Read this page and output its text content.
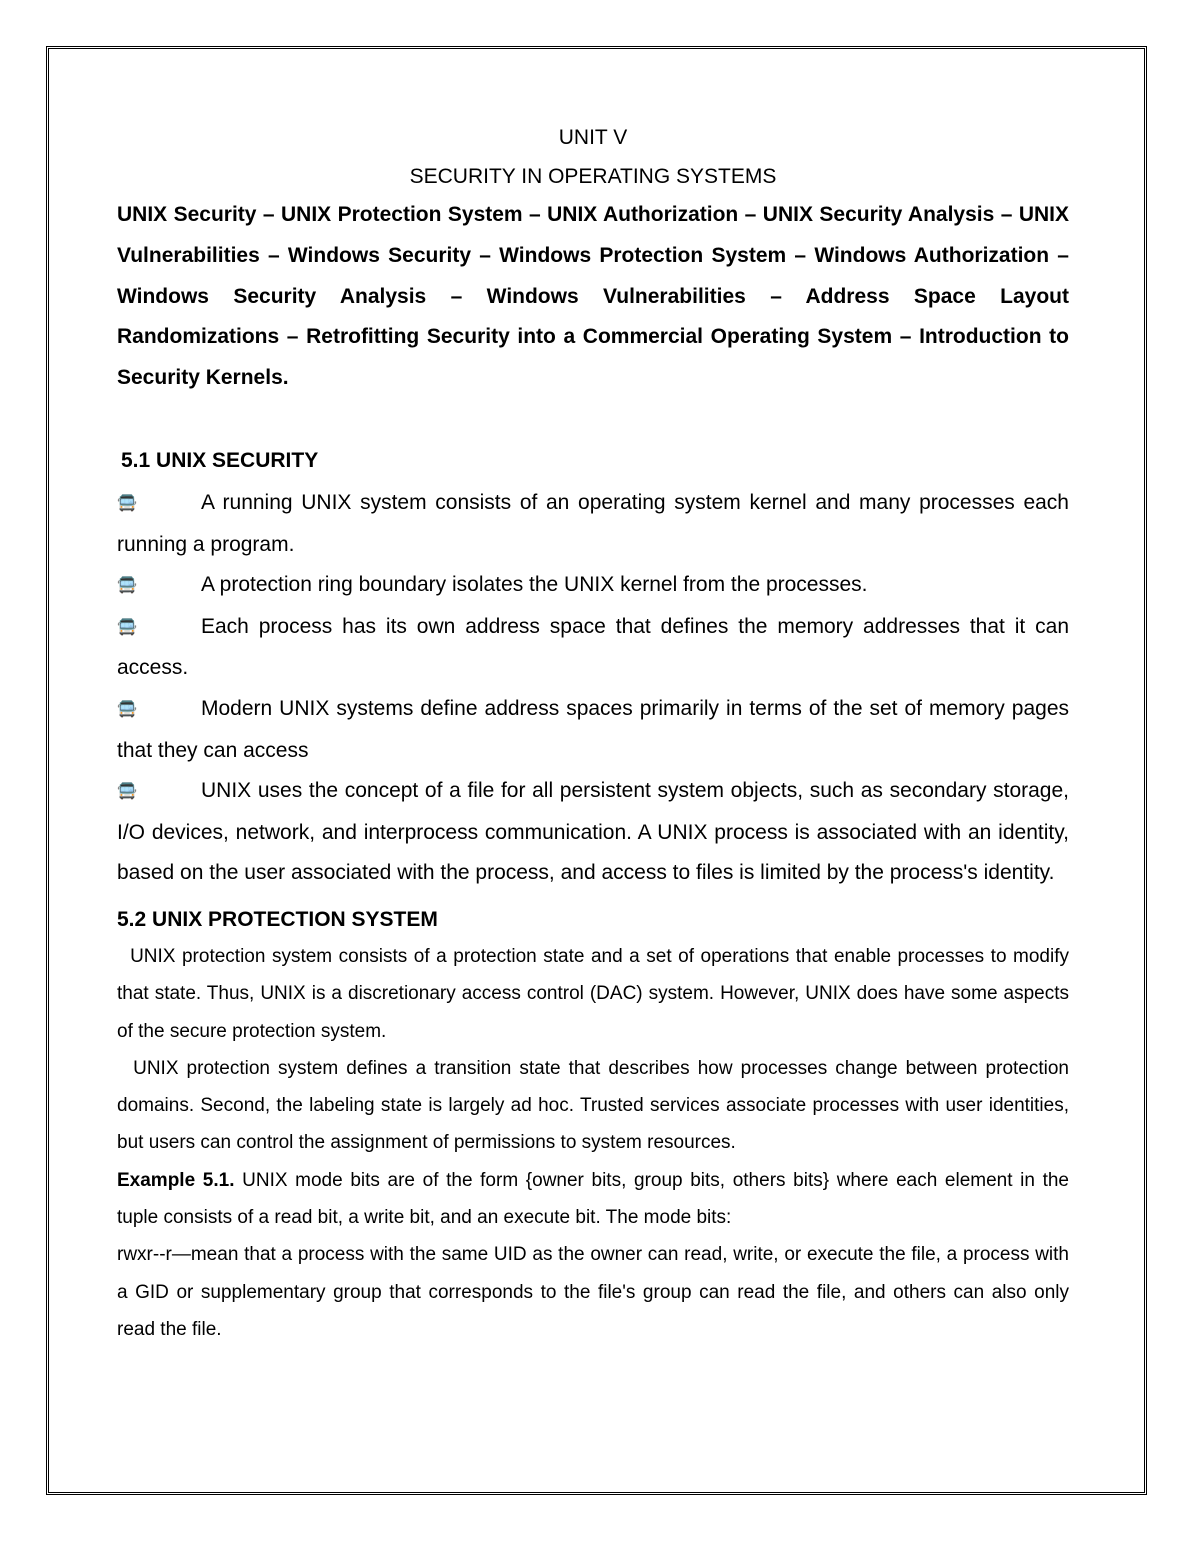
UNIT V
SECURITY IN OPERATING SYSTEMS

UNIX Security – UNIX Protection System – UNIX Authorization – UNIX Security Analysis – UNIX Vulnerabilities – Windows Security – Windows Protection System – Windows Authorization – Windows Security Analysis – Windows Vulnerabilities – Address Space Layout Randomizations – Retrofitting Security into a Commercial Operating System – Introduction to Security Kernels.

5.1 UNIX SECURITY
🚍	A running UNIX system consists of an operating system kernel and many processes each running a program.
🚍	A protection ring boundary isolates the UNIX kernel from the processes.
🚍	Each process has its own address space that defines the memory addresses that it can access.
🚍	Modern UNIX systems define address spaces primarily in terms of the set of memory pages that they can access
🚍	UNIX uses the concept of a file for all persistent system objects, such as secondary storage, I/O devices, network, and interprocess communication. A UNIX process is associated with an identity, based on the user associated with the process, and access to files is limited by the process's identity.
5.2 UNIX PROTECTION SYSTEM

UNIX protection system consists of a protection state and a set of operations that enable processes to modify that state. Thus, UNIX is a discretionary access control (DAC) system. However, UNIX does have some aspects of the secure protection system.

UNIX protection system defines a transition state that describes how processes change between protection domains. Second, the labeling state is largely ad hoc. Trusted services associate processes with user identities, but users can control the assignment of permissions to system resources.

Example 5.1. UNIX mode bits are of the form {owner bits, group bits, others bits} where each element in the tuple consists of a read bit, a write bit, and an execute bit. The mode bits:

rwxr--r—mean that a process with the same UID as the owner can read, write, or execute the file, a process with a GID or supplementary group that corresponds to the file's group can read the file, and others can also only read the file.
